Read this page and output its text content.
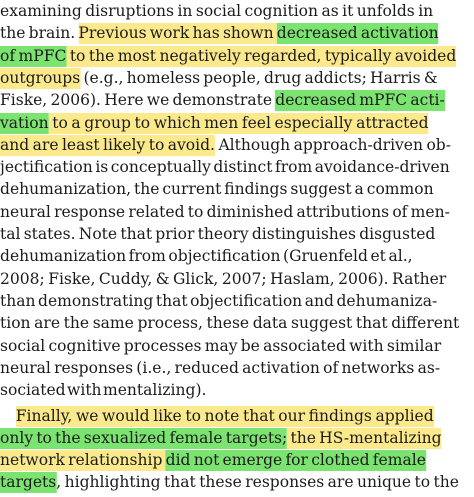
examining disruptions in social cognition as it unfolds in
the brain. Previous work has shown decreased activation
of mPFC to the most negatively regarded, typically avoided
outgroups (e.g., homeless people, drug addicts; Harris &
Fiske, 2006). Here we demonstrate decreased mPFC acti-
vation to a group to which men feel especially attracted
and are least likely to avoid. Although approach-driven ob-
jectification is conceptually distinct from avoidance-driven
dehumanization, the current findings suggest a common
neural response related to diminished attributions of men-
tal states. Note that prior theory distinguishes disgusted
dehumanization from objectification (Gruenfeld et al.,
2008; Fiske, Cuddy, & Glick, 2007; Haslam, 2006). Rather
than demonstrating that objectification and dehumaniza-
tion are the same process, these data suggest that different
social cognitive processes may be associated with similar
neural responses (i.e., reduced activation of networks as-
sociated with mentalizing).
Finally, we would like to note that our findings applied
only to the sexualized female targets; the HS-mentalizing
network relationship did not emerge for clothed female
targets, highlighting that these responses are unique to the
